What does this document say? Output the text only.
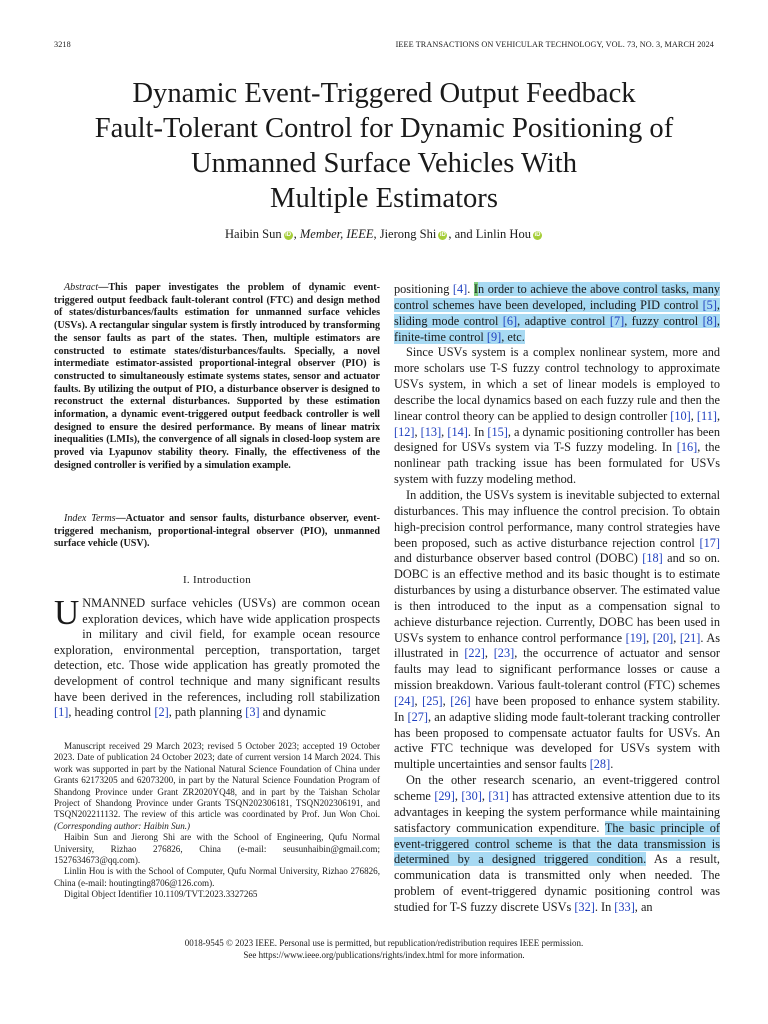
3218	IEEE TRANSACTIONS ON VEHICULAR TECHNOLOGY, VOL. 73, NO. 3, MARCH 2024
Dynamic Event-Triggered Output Feedback
Fault-Tolerant Control for Dynamic Positioning of
Unmanned Surface Vehicles With
Multiple Estimators
Haibin Sun iD , Member, IEEE, Jierong Shi iD , and Linlin Hou iD
Abstract—This paper investigates the problem of dynamic event-triggered output feedback fault-tolerant control (FTC) and design method of states/disturbances/faults estimation for unmanned surface vehicles (USVs). A rectangular singular system is firstly introduced by transforming the sensor faults as part of the states. Then, multiple estimators are constructed to estimate states/disturbances/faults. Specially, a novel intermediate estimator-assisted proportional-integral observer (PIO) is constructed to simultaneously estimate systems states, sensor and actuator faults. By utilizing the output of PIO, a disturbance observer is designed to reconstruct the external disturbances. Supported by these estimation information, a dynamic event-triggered output feedback controller is well designed to ensure the desired performance. By means of linear matrix inequalities (LMIs), the convergence of all signals in closed-loop system are proved via Lyapunov stability theory. Finally, the effectiveness of the designed controller is verified by a simulation example.
Index Terms—Actuator and sensor faults, disturbance observer, event-triggered mechanism, proportional-integral observer (PIO), unmanned surface vehicle (USV).
I. Introduction
UNMANNED surface vehicles (USVs) are common ocean exploration devices, which have wide application prospects in military and civil field, for example ocean resource exploration, environmental perception, transportation, target detection, etc. Those wide application has greatly promoted the development of control technique and many significant results have been derived in the references, including roll stabilization [1], heading control [2], path planning [3] and dynamic

Manuscript received 29 March 2023; revised 5 October 2023; accepted 19 October 2023. Date of publication 24 October 2023; date of current version 14 March 2024. This work was supported in part by the National Natural Science Foundation of China under Grants 62173205 and 62073200, in part by the Natural Science Foundation Program of Shandong Province under Grant ZR2020YQ48, and in part by the Taishan Scholar Project of Shandong Province under Grants TSQN202306181, TSQN202306191, and TSQN202211132. The review of this article was coordinated by Prof. Jun Won Choi. (Corresponding author: Haibin Sun.)

Haibin Sun and Jierong Shi are with the School of Engineering, Qufu Normal University, Rizhao 276826, China (e-mail: seusunhaibin@gmail.com; 1527634673@qq.com).

Linlin Hou is with the School of Computer, Qufu Normal University, Rizhao 276826, China (e-mail: houtingting8706@126.com).

Digital Object Identifier 10.1109/TVT.2023.3327265

positioning [4]. In order to achieve the above control tasks, many control schemes have been developed, including PID control [5], sliding mode control [6], adaptive control [7], fuzzy control [8], finite-time control [9], etc.

Since USVs system is a complex nonlinear system, more and more scholars use T-S fuzzy control technology to approximate USVs system, in which a set of linear models is employed to describe the local dynamics based on each fuzzy rule and then the linear control theory can be applied to design controller [10], [11], [12], [13], [14]. In [15], a dynamic positioning controller has been designed for USVs system via T-S fuzzy modeling. In [16], the nonlinear path tracking issue has been formulated for USVs system with fuzzy modeling method.

In addition, the USVs system is inevitable subjected to external disturbances. This may influence the control precision. To obtain high-precision control performance, many control strategies have been proposed, such as active disturbance rejection control [17] and disturbance observer based control (DOBC) [18] and so on. DOBC is an effective method and its basic thought is to estimate disturbances by using a disturbance observer. The estimated value is then introduced to the input as a compensation signal to achieve disturbance rejection. Currently, DOBC has been used in USVs system to enhance control performance [19], [20], [21]. As illustrated in [22], [23], the occurrence of actuator and sensor faults may lead to significant performance losses or cause a mission breakdown. Various fault-tolerant control (FTC) schemes [24], [25], [26] have been proposed to enhance system stability. In [27], an adaptive sliding mode fault-tolerant tracking controller has been proposed to compensate actuator faults for USVs. An active FTC technique was developed for USVs system with multiple uncertainties and sensor faults [28].

On the other research scenario, an event-triggered control scheme [29], [30], [31] has attracted extensive attention due to its advantages in keeping the system performance while maintaining satisfactory communication expenditure. The basic principle of event-triggered control scheme is that the data transmission is determined by a designed triggered condition. As a result, communication data is transmitted only when needed. The problem of event-triggered dynamic positioning control was studied for T-S fuzzy discrete USVs [32]. In [33], an

0018-9545 © 2023 IEEE. Personal use is permitted, but republication/redistribution requires IEEE permission.
See https://www.ieee.org/publications/rights/index.html for more information.
